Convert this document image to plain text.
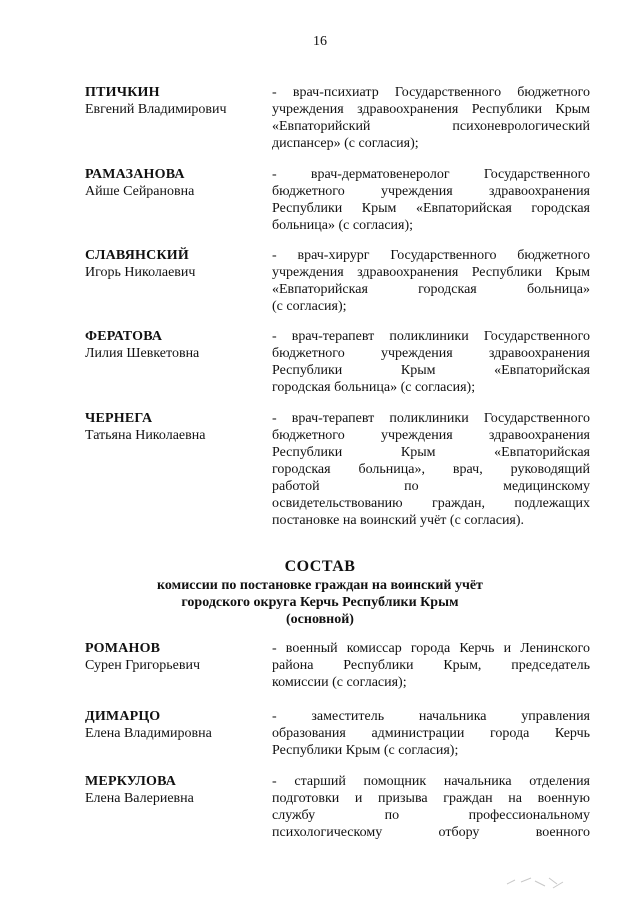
16
ПТИЧКИН
Евгений Владимирович
- врач-психиатр Государственного бюджетного
учреждения здравоохранения Республики Крым
«Евпаторийский психоневрологический
диспансер» (с согласия);
РАМАЗАНОВА
Айше Сейрановна
- врач-дерматовенеролог Государственного
бюджетного учреждения здравоохранения
Республики Крым «Евпаторийская городская
больница» (с согласия);
СЛАВЯНСКИЙ
Игорь Николаевич
- врач-хирург Государственного бюджетного
учреждения здравоохранения Республики Крым
«Евпаторийская городская больница»
(с согласия);
ФЕРАТОВА
Лилия Шевкетовна
- врач-терапевт поликлиники Государственного
бюджетного учреждения здравоохранения
Республики Крым «Евпаторийская
городская больница» (с согласия);
ЧЕРНЕГА
Татьяна Николаевна
- врач-терапевт поликлиники Государственного
бюджетного учреждения здравоохранения
Республики Крым «Евпаторийская
городская больница», врач, руководящий
работой по медицинскому
освидетельствованию граждан, подлежащих
постановке на воинский учёт (с согласия).
СОСТАВ
комиссии по постановке граждан на воинский учёт
городского округа Керчь Республики Крым
(основной)
РОМАНОВ
Сурен Григорьевич
- военный комиссар города Керчь и Ленинского
района Республики Крым, председатель
комиссии (с согласия);
ДИМАРЦО
Елена Владимировна
- заместитель начальника управления
образования администрации города Керчь
Республики Крым (с согласия);
МЕРКУЛОВА
Елена Валериевна
- старший помощник начальника отделения
подготовки и призыва граждан на военную
службу по профессиональному
психологическому отбору военного
